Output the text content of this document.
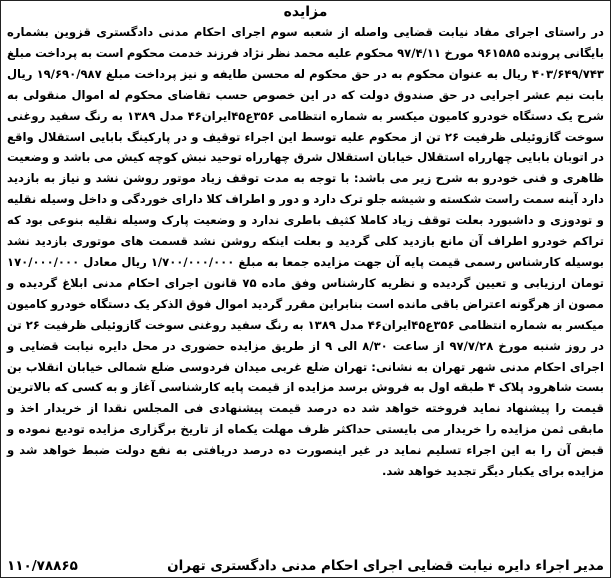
مزایده

در راستای اجرای مفاد نیابت قضایی واصله از شعبه سوم اجرای احکام مدنی دادگستری قزوین بشماره بایگانی پرونده ۹۶۱۵۸۵ مورخ ۹۷/۴/۱۱ محکوم علیه محمد نظر نژاد فرزند خدمت محکوم است به پرداخت مبلغ ۴۰۳/۶۴۹/۷۴۳ ریال به عنوان محکوم به در حق محکوم له محسن طایفه و نیز پرداخت مبلغ ۱۹/۶۹۰/۹۸۷ ریال بابت نیم عشر اجرایی در حق صندوق دولت که در این خصوص حسب تقاضای محکوم له اموال منقولی به شرح یک دستگاه خودرو کامیون میکسر به شماره انتظامی ۳۵۶ع۴۵ایران۴۶ مدل ۱۳۸۹ به رنگ سفید روغنی سوخت گازوئیلی ظرفیت ۲۶ تن از محکوم علیه توسط این اجراء توقیف و در پارکینگ بابایی استقلال واقع در اتوبان بابایی چهارراه استقلال خیابان استقلال شرق چهارراه توحید نبش کوچه کیش می باشد و وضعیت ظاهری و فنی خودرو به شرح زیر می باشد: با توجه به مدت توقف زیاد موتور روشن نشد و نیاز به بازدید دارد آینه سمت راست شکسته و شیشه جلو ترک دارد و دور و اطراف کلا دارای خوردگی و داخل وسیله نقلیه و تودوزی و داشبورد بعلت توقف زیاد کاملا کثیف باطری ندارد و وضعیت پارک وسیله نقلیه بنوعی بود که تراکم خودرو اطراف آن مانع بازدید کلی گردید و بعلت اینکه روشن نشد قسمت های موتوری بازدید نشد بوسیله کارشناس رسمی قیمت پایه آن جهت مزایده جمعا به مبلغ ۱/۷۰۰/۰۰۰/۰۰۰ ریال معادل ۱۷۰/۰۰۰/۰۰۰ تومان ارزیابی و تعیین گردیده و نظریه کارشناس وفق ماده ۷۵ قانون اجرای احکام مدنی ابلاغ گردیده و مصون از هرگونه اعتراض باقی مانده است بنابراین مقرر گردید اموال فوق الذکر یک دستگاه خودرو کامیون میکسر به شماره انتظامی ۳۵۶ع۴۵ایران۴۶ مدل ۱۳۸۹ به رنگ سفید روغنی سوخت گازوئیلی ظرفیت ۲۶ تن در روز شنبه مورخ ۹۷/۷/۲۸ از ساعت ۸/۳۰ الی ۹ از طریق مزایده حضوری در محل دایره نیابت قضایی و اجرای احکام مدنی شهر تهران به نشانی: تهران ضلع غربی میدان فردوسی ضلع شمالی خیابان انقلاب بن بست شاهرود پلاک ۴ طبقه اول به فروش برسد مزایده از قیمت پایه کارشناسی آغاز و به کسی که بالاترین قیمت را پیشنهاد نماید فروخته خواهد شد ده درصد قیمت پیشنهادی فی المجلس نقدا از خریدار اخذ و مابقی ثمن مزایده را خریدار می بایستی حداکثر ظرف مهلت یکماه از تاریخ برگزاری مزایده تودیع نموده و قبض آن را به این اجراء تسلیم نماید در غیر اینصورت ده درصد دریافتی به نفع دولت ضبط خواهد شد و مزایده برای یکبار دیگر تجدید خواهد شد.

مدیر اجراء دایره نیابت قضایی اجرای احکام مدنی دادگستری تهران
۱۱۰/۷۸۸۶۵
